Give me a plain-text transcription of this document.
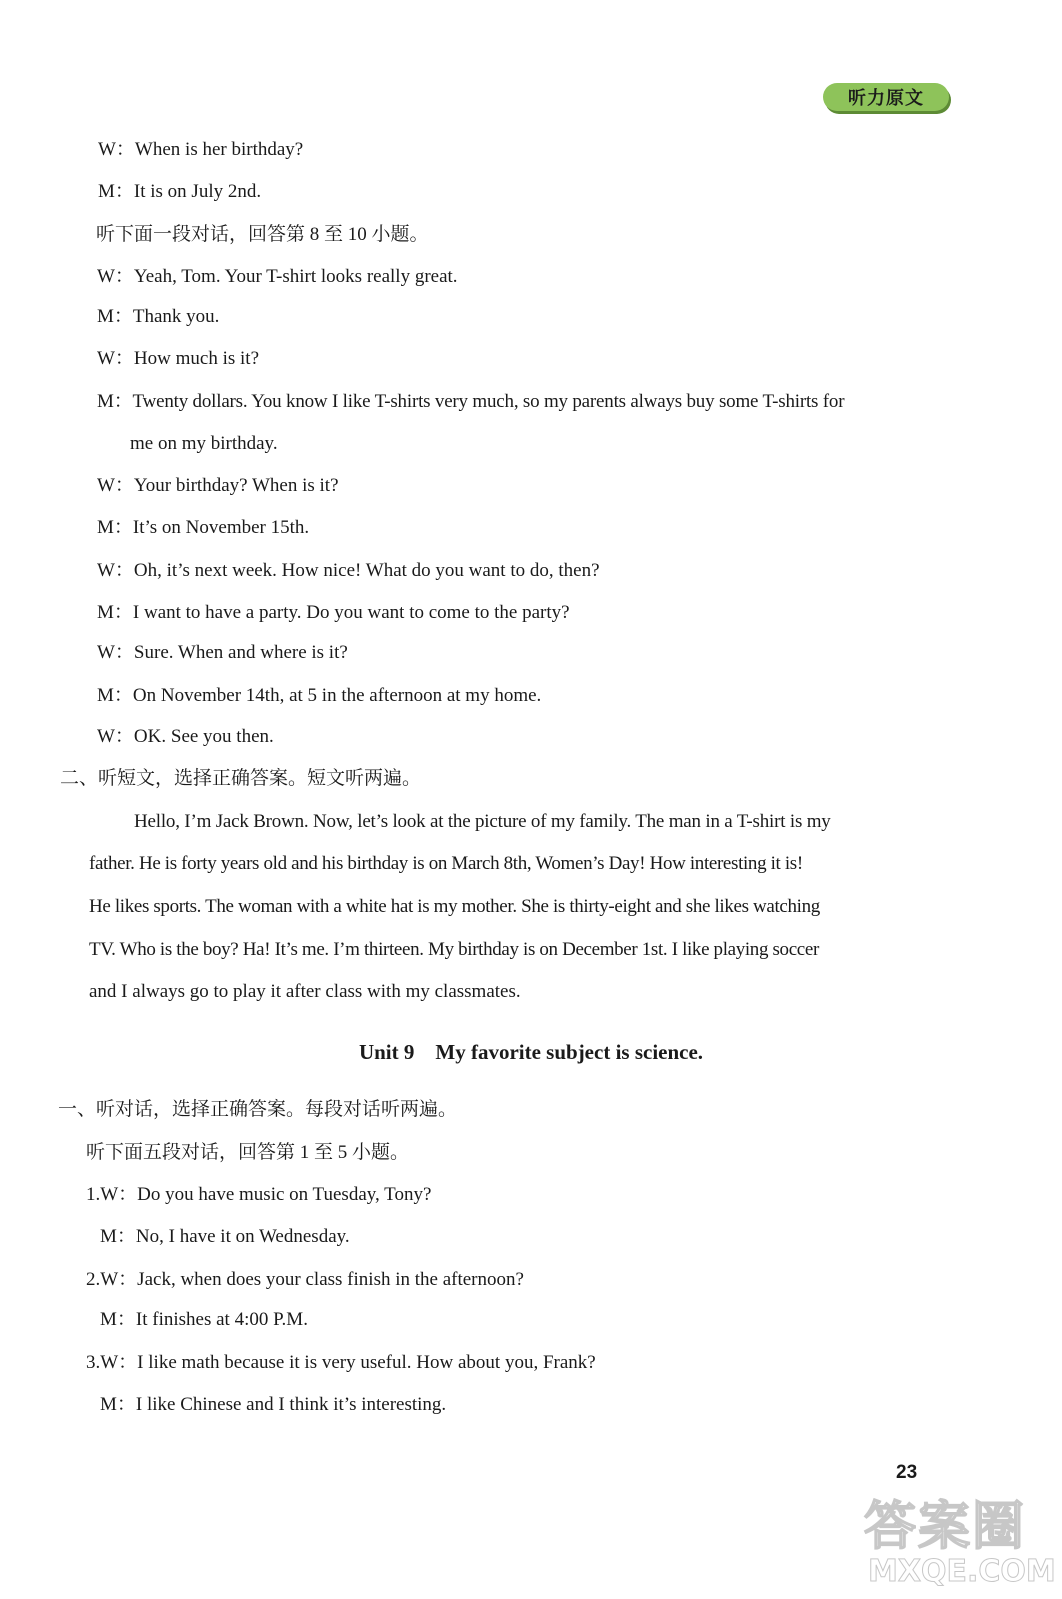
听力原文
W：When is her birthday?
M：It is on July 2nd.
听下面一段对话，回答第 8 至 10 小题。
W：Yeah, Tom. Your T-shirt looks really great.
M：Thank you.
W：How much is it?
M：Twenty dollars. You know I like T-shirts very much, so my parents always buy some T-shirts for
me on my birthday.
W：Your birthday? When is it?
M：It’s on November 15th.
W：Oh, it’s next week. How nice! What do you want to do, then?
M：I want to have a party. Do you want to come to the party?
W：Sure. When and where is it?
M：On November 14th, at 5 in the afternoon at my home.
W：OK. See you then.
二、听短文，选择正确答案。短文听两遍。
Hello, I’m Jack Brown. Now, let’s look at the picture of my family. The man in a T-shirt is my
father. He is forty years old and his birthday is on March 8th, Women’s Day! How interesting it is!
He likes sports. The woman with a white hat is my mother. She is thirty-eight and she likes watching
TV. Who is the boy? Ha! It’s me. I’m thirteen. My birthday is on December 1st. I like playing soccer
and I always go to play it after class with my classmates.
Unit 9    My favorite subject is science.
一、听对话，选择正确答案。每段对话听两遍。
听下面五段对话，回答第 1 至 5 小题。
1.W：Do you have music on Tuesday, Tony?
M：No, I have it on Wednesday.
2.W：Jack, when does your class finish in the afternoon?
M：It finishes at 4:00 P.M.
3.W：I like math because it is very useful. How about you, Frank?
M：I like Chinese and I think it’s interesting.
23
答案圈
MXQE.COM
